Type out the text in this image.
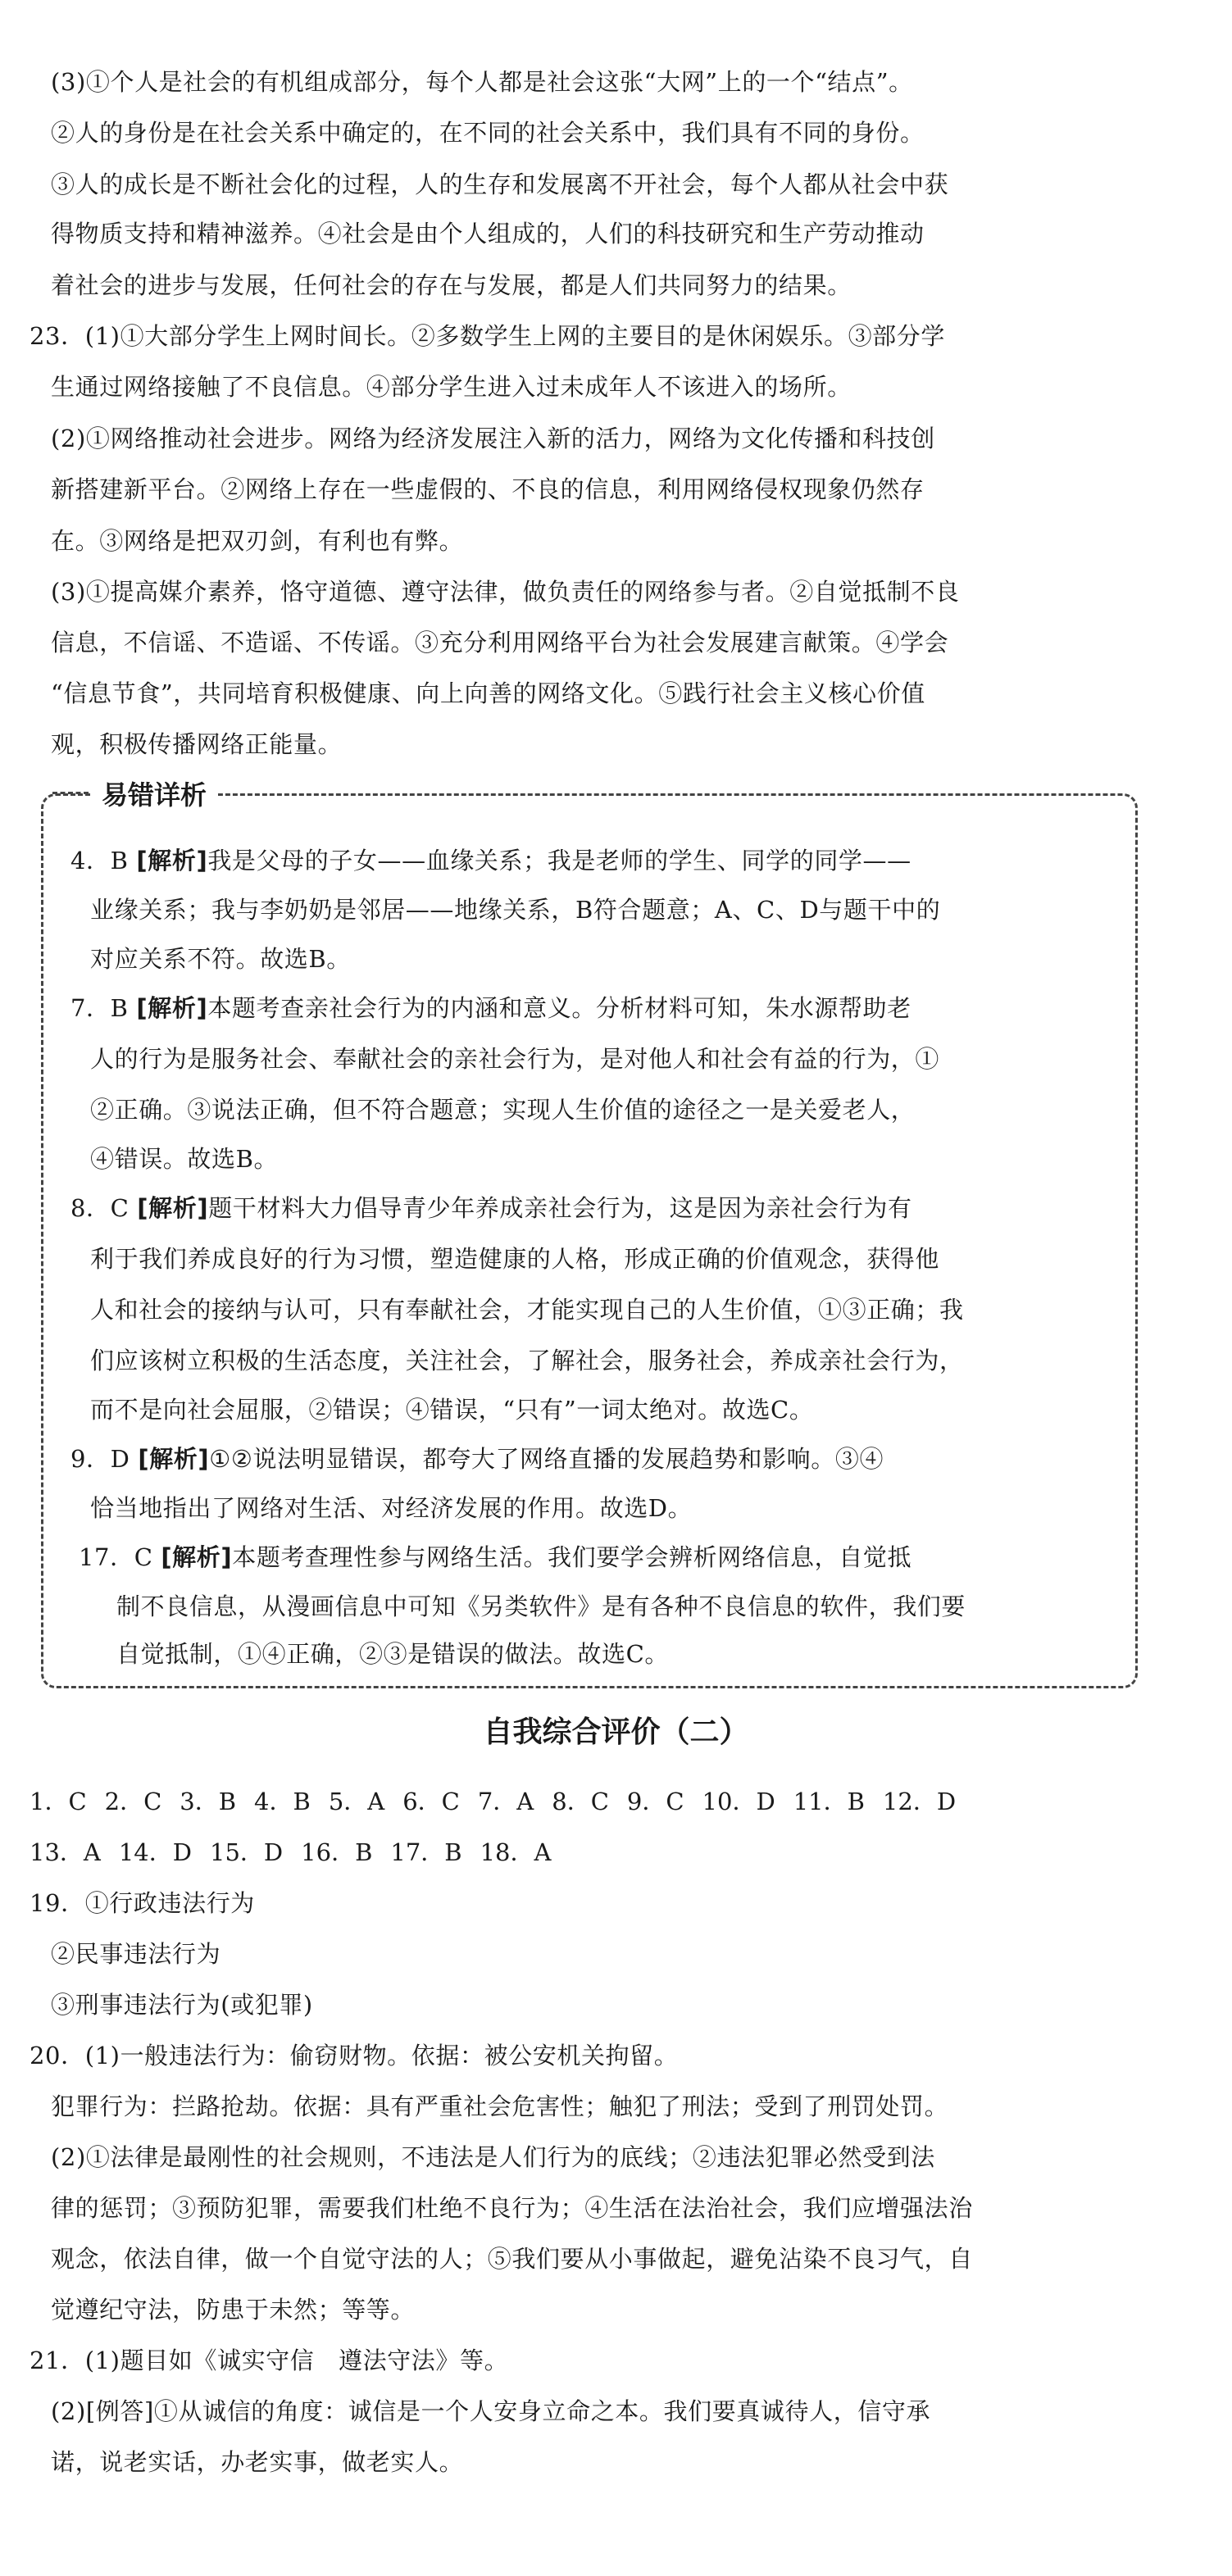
(3)①个人是社会的有机组成部分，每个人都是社会这张“大网”上的一个“结点”。
②人的身份是在社会关系中确定的，在不同的社会关系中，我们具有不同的身份。
③人的成长是不断社会化的过程，人的生存和发展离不开社会，每个人都从社会中获
得物质支持和精神滋养。④社会是由个人组成的，人们的科技研究和生产劳动推动
着社会的进步与发展，任何社会的存在与发展，都是人们共同努力的结果。
23．(1)①大部分学生上网时间长。②多数学生上网的主要目的是休闲娱乐。③部分学
生通过网络接触了不良信息。④部分学生进入过未成年人不该进入的场所。
(2)①网络推动社会进步。网络为经济发展注入新的活力，网络为文化传播和科技创
新搭建新平台。②网络上存在一些虚假的、不良的信息，利用网络侵权现象仍然存
在。③网络是把双刃剑，有利也有弊。
(3)①提高媒介素养，恪守道德、遵守法律，做负责任的网络参与者。②自觉抵制不良
信息，不信谣、不造谣、不传谣。③充分利用网络平台为社会发展建言献策。④学会
“信息节食”，共同培育积极健康、向上向善的网络文化。⑤践行社会主义核心价值
观，积极传播网络正能量。
易错详析
4．B [解析]我是父母的子女——血缘关系；我是老师的学生、同学的同学——
业缘关系；我与李奶奶是邻居——地缘关系，B符合题意；A、C、D与题干中的
对应关系不符。故选B。
7．B [解析]本题考查亲社会行为的内涵和意义。分析材料可知，朱水源帮助老
人的行为是服务社会、奉献社会的亲社会行为，是对他人和社会有益的行为，①
②正确。③说法正确，但不符合题意；实现人生价值的途径之一是关爱老人，
④错误。故选B。
8．C [解析]题干材料大力倡导青少年养成亲社会行为，这是因为亲社会行为有
利于我们养成良好的行为习惯，塑造健康的人格，形成正确的价值观念，获得他
人和社会的接纳与认可，只有奉献社会，才能实现自己的人生价值，①③正确；我
们应该树立积极的生活态度，关注社会，了解社会，服务社会，养成亲社会行为，
而不是向社会屈服，②错误；④错误，“只有”一词太绝对。故选C。
9．D [解析]①②说法明显错误，都夸大了网络直播的发展趋势和影响。③④
恰当地指出了网络对生活、对经济发展的作用。故选D。
17．C [解析]本题考查理性参与网络生活。我们要学会辨析网络信息，自觉抵
制不良信息，从漫画信息中可知《另类软件》是有各种不良信息的软件，我们要
自觉抵制，①④正确，②③是错误的做法。故选C。
自我综合评价（二）
1．C 2．C 3．B 4．B 5．A 6．C 7．A 8．C 9．C 10．D 11．B 12．D
13．A 14．D 15．D 16．B 17．B 18．A
19．①行政违法行为
②民事违法行为
③刑事违法行为(或犯罪)
20．(1)一般违法行为：偷窃财物。依据：被公安机关拘留。
犯罪行为：拦路抢劫。依据：具有严重社会危害性；触犯了刑法；受到了刑罚处罚。
(2)①法律是最刚性的社会规则，不违法是人们行为的底线；②违法犯罪必然受到法
律的惩罚；③预防犯罪，需要我们杜绝不良行为；④生活在法治社会，我们应增强法治
观念，依法自律，做一个自觉守法的人；⑤我们要从小事做起，避免沾染不良习气，自
觉遵纪守法，防患于未然；等等。
21．(1)题目如《诚实守信　遵法守法》等。
(2)[例答]①从诚信的角度：诚信是一个人安身立命之本。我们要真诚待人，信守承
诺，说老实话，办老实事，做老实人。
